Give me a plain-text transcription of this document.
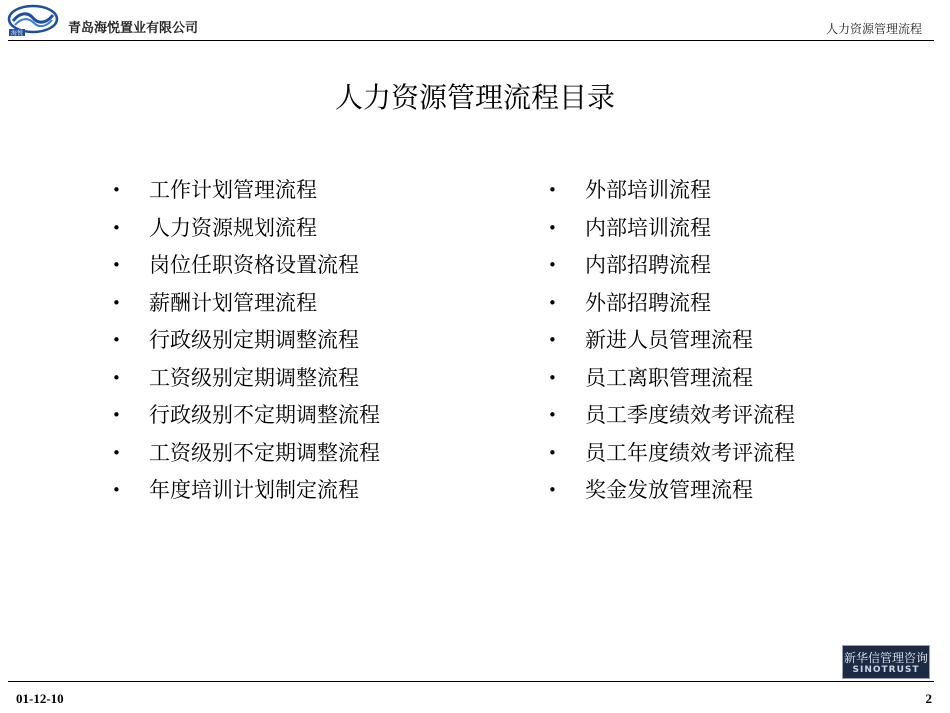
海悦	青岛海悦置业有限公司	人力资源管理流程
人力资源管理流程目录
• 工作计划管理流程
• 人力资源规划流程
• 岗位任职资格设置流程
• 薪酬计划管理流程
• 行政级别定期调整流程
• 工资级别定期调整流程
• 行政级别不定期调整流程
• 工资级别不定期调整流程
• 年度培训计划制定流程
• 外部培训流程
• 内部培训流程
• 内部招聘流程
• 外部招聘流程
• 新进人员管理流程
• 员工离职管理流程
• 员工季度绩效考评流程
• 员工年度绩效考评流程
• 奖金发放管理流程
新华信管理咨询
SINOTRUST
01-12-10	2
